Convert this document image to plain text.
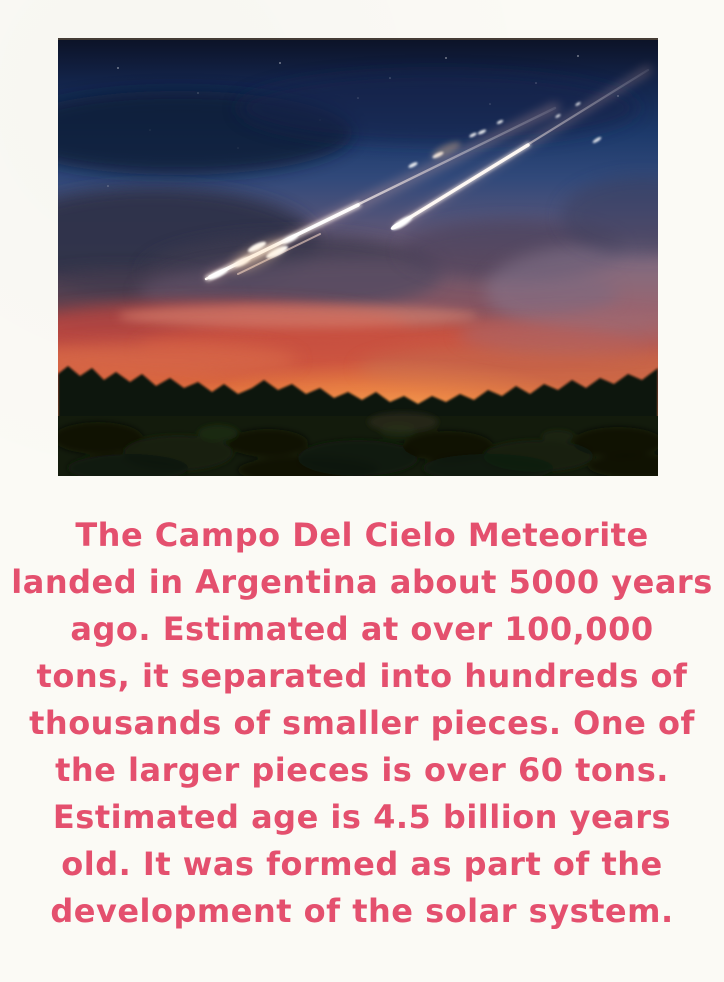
The Campo Del Cielo Meteorite
landed in Argentina about 5000 years
ago. Estimated at over 100,000
tons, it separated into hundreds of
thousands of smaller pieces. One of
the larger pieces is over 60 tons.
Estimated age is 4.5 billion years
old. It was formed as part of the
development of the solar system.
